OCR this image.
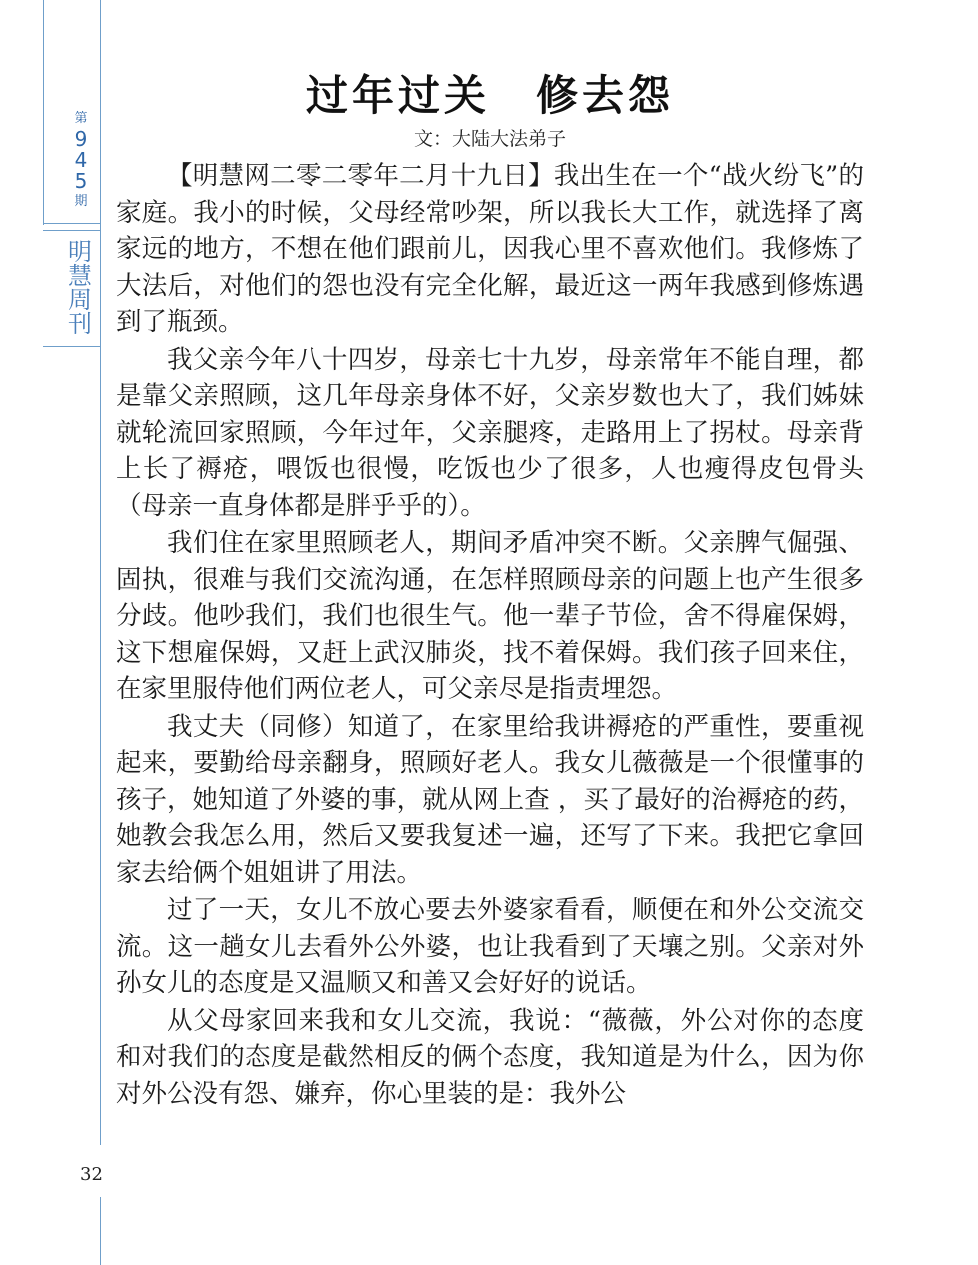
第
9
4
5
期
明
慧
周
刊
32
过年过关　修去怨
文：大陆大法弟子

【明慧网二零二零年二月十九日】我出生在一个“战火纷飞”的家庭。我小的时候，父母经常吵架，所以我长大工作，就选择了离家远的地方，不想在他们跟前儿，因我心里不喜欢他们。我修炼了大法后，对他们的怨也没有完全化解，最近这一两年我感到修炼遇到了瓶颈。

我父亲今年八十四岁，母亲七十九岁，母亲常年不能自理，都是靠父亲照顾，这几年母亲身体不好，父亲岁数也大了，我们姊妹就轮流回家照顾，今年过年，父亲腿疼，走路用上了拐杖。母亲背上长了褥疮，喂饭也很慢，吃饭也少了很多，人也瘦得皮包骨头（母亲一直身体都是胖乎乎的）。

我们住在家里照顾老人，期间矛盾冲突不断。父亲脾气倔强、固执，很难与我们交流沟通，在怎样照顾母亲的问题上也产生很多分歧。他吵我们，我们也很生气。他一辈子节俭，舍不得雇保姆，这下想雇保姆，又赶上武汉肺炎，找不着保姆。我们孩子回来住，在家里服侍他们两位老人，可父亲尽是指责埋怨。

我丈夫（同修）知道了，在家里给我讲褥疮的严重性，要重视起来，要勤给母亲翻身，照顾好老人。我女儿薇薇是一个很懂事的孩子，她知道了外婆的事，就从网上查 ，买了最好的治褥疮的药，她教会我怎么用，然后又要我复述一遍，还写了下来。我把它拿回家去给俩个姐姐讲了用法。

过了一天，女儿不放心要去外婆家看看，顺便在和外公交流交流。这一趟女儿去看外公外婆，也让我看到了天壤之别。父亲对外孙女儿的态度是又温顺又和善又会好好的说话。

从父母家回来我和女儿交流，我说：“薇薇，外公对你的态度和对我们的态度是截然相反的俩个态度，我知道是为什么，因为你对外公没有怨、嫌弃，你心里装的是：我外公
